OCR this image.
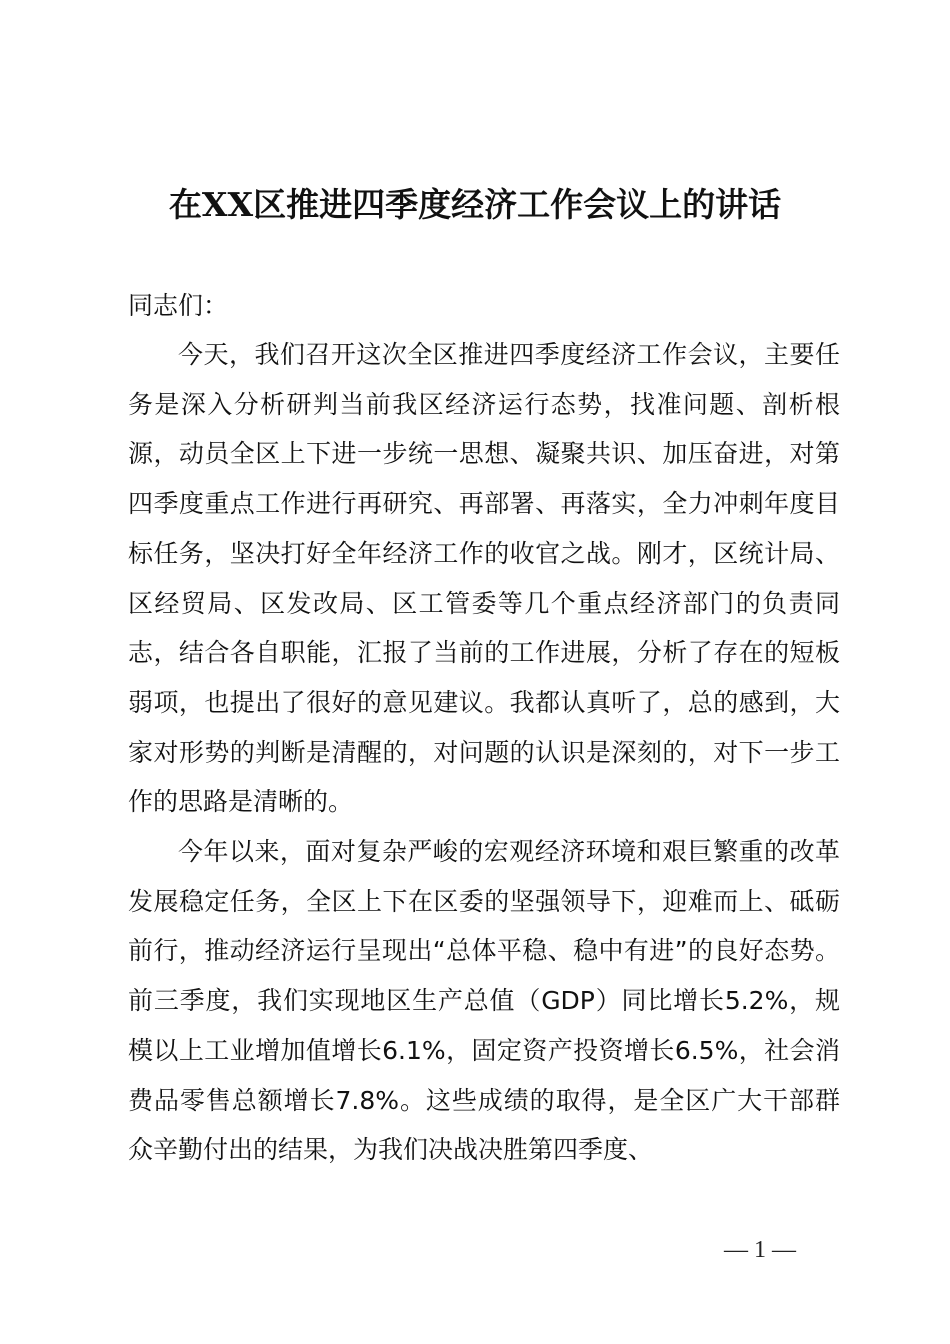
在XX区推进四季度经济工作会议上的讲话

同志们：

今天，我们召开这次全区推进四季度经济工作会议，主要任务是深入分析研判当前我区经济运行态势，找准问题、剖析根源，动员全区上下进一步统一思想、凝聚共识、加压奋进，对第四季度重点工作进行再研究、再部署、再落实，全力冲刺年度目标任务，坚决打好全年经济工作的收官之战。刚才，区统计局、区经贸局、区发改局、区工管委等几个重点经济部门的负责同志，结合各自职能，汇报了当前的工作进展，分析了存在的短板弱项，也提出了很好的意见建议。我都认真听了，总的感到，大家对形势的判断是清醒的，对问题的认识是深刻的，对下一步工作的思路是清晰的。

今年以来，面对复杂严峻的宏观经济环境和艰巨繁重的改革发展稳定任务，全区上下在区委的坚强领导下，迎难而上、砥砺前行，推动经济运行呈现出“总体平稳、稳中有进”的良好态势。前三季度，我们实现地区生产总值（GDP）同比增长5.2%，规模以上工业增加值增长6.1%，固定资产投资增长6.5%，社会消费品零售总额增长7.8%。这些成绩的取得，是全区广大干部群众辛勤付出的结果，为我们决战决胜第四季度、

— 1 —
